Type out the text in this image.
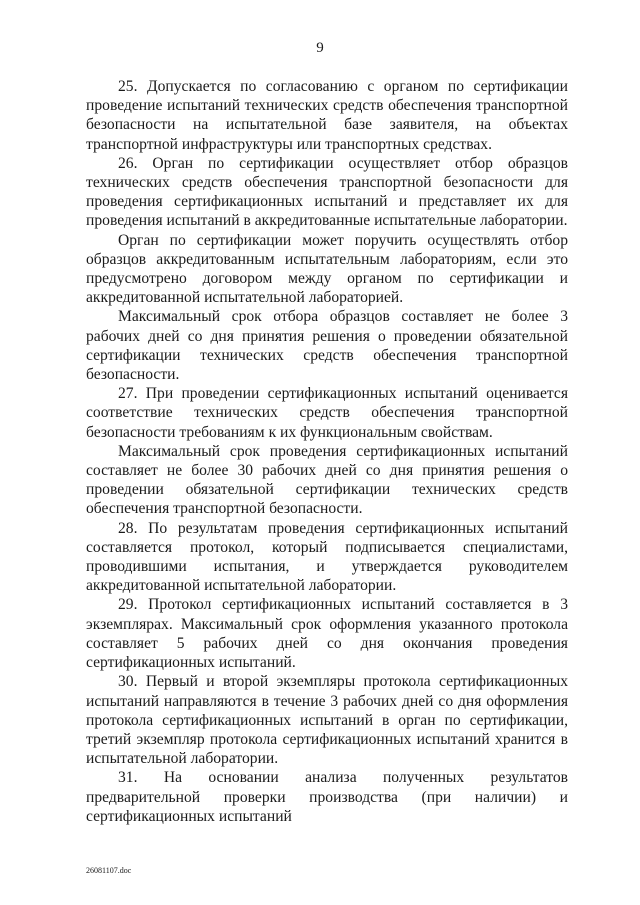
9

25. Допускается по согласованию с органом по сертификации проведение испытаний технических средств обеспечения транспортной безопасности на испытательной базе заявителя, на объектах транспортной инфраструктуры или транспортных средствах.

26. Орган по сертификации осуществляет отбор образцов технических средств обеспечения транспортной безопасности для проведения сертификационных испытаний и представляет их для проведения испытаний в аккредитованные испытательные лаборатории.

Орган по сертификации может поручить осуществлять отбор образцов аккредитованным испытательным лабораториям, если это предусмотрено договором между органом по сертификации и аккредитованной испытательной лабораторией.

Максимальный срок отбора образцов составляет не более 3 рабочих дней со дня принятия решения о проведении обязательной сертификации технических средств обеспечения транспортной безопасности.

27. При проведении сертификационных испытаний оценивается соответствие технических средств обеспечения транспортной безопасности требованиям к их функциональным свойствам.

Максимальный срок проведения сертификационных испытаний составляет не более 30 рабочих дней со дня принятия решения о проведении обязательной сертификации технических средств обеспечения транспортной безопасности.

28. По результатам проведения сертификационных испытаний составляется протокол, который подписывается специалистами, проводившими испытания, и утверждается руководителем аккредитованной испытательной лаборатории.

29. Протокол сертификационных испытаний составляется в 3 экземплярах. Максимальный срок оформления указанного протокола составляет 5 рабочих дней со дня окончания проведения сертификационных испытаний.

30. Первый и второй экземпляры протокола сертификационных испытаний направляются в течение 3 рабочих дней со дня оформления протокола сертификационных испытаний в орган по сертификации, третий экземпляр протокола сертификационных испытаний хранится в испытательной лаборатории.

31. На основании анализа полученных результатов предварительной проверки производства (при наличии) и сертификационных испытаний

26081107.doc
